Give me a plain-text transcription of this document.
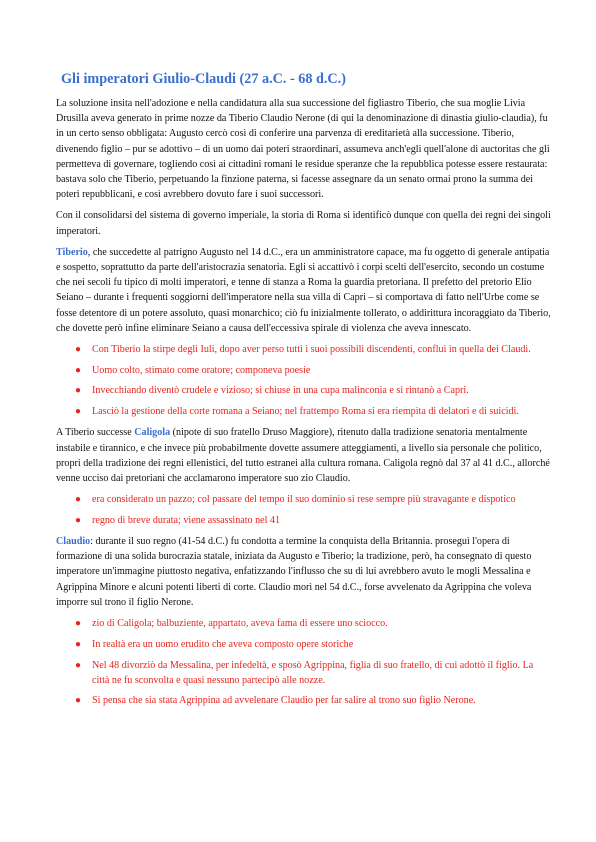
Gli imperatori Giulio-Claudi (27 a.C. - 68 d.C.)

La soluzione insita nell'adozione e nella candidatura alla sua successione del figliastro Tiberio, che sua moglie Livia Drusilla aveva generato in prime nozze da Tiberio Claudio Nerone (di qui la denominazione di dinastia giulio-claudia), fu in un certo senso obbligata: Augusto cercò così di conferire una parvenza di ereditarietà alla successione. Tiberio, divenendo figlio – pur se adottivo – di un uomo dai poteri straordinari, assumeva anch'egli quell'alone di auctoritas che gli permetteva di governare, togliendo così ai cittadini romani le residue speranze che la repubblica potesse essere restaurata: bastava solo che Tiberio, perpetuando la finzione paterna, si facesse assegnare da un senato ormai prono la summa dei poteri repubblicani, e così avrebbero dovuto fare i suoi successori.

Con il consolidarsi del sistema di governo imperiale, la storia di Roma si identificò dunque con quella dei regni dei singoli imperatori.

Tiberio, che succedette al patrigno Augusto nel 14 d.C., era un amministratore capace, ma fu oggetto di generale antipatia e sospetto, soprattutto da parte dell'aristocrazia senatoria. Egli si accattivò i corpi scelti dell'esercito, secondo un costume che nei secoli fu tipico di molti imperatori, e tenne di stanza a Roma la guardia pretoriana. Il prefetto del pretorio Elio Seiano – durante i frequenti soggiorni dell'imperatore nella sua villa di Capri – si comportava di fatto nell'Urbe come se fosse detentore di un potere assoluto, quasi monarchico; ciò fu inizialmente tollerato, o addirittura incoraggiato da Tiberio, che dovette però infine eliminare Seiano a causa dell'eccessiva spirale di violenza che aveva innescato.

● Con Tiberio la stirpe degli Iuli, dopo aver perso tutti i suoi possibili discendenti, confluì in quella dei Claudi.
● Uomo colto, stimato come oratore; componeva poesie
● Invecchiando diventò crudele e vizioso; si chiuse in una cupa malinconia e si rintanò a Capri.
● Lasciò la gestione della corte romana a Seiano; nel frattempo Roma si era riempita di delatori e di suicidi.

A Tiberio successe Caligola (nipote di suo fratello Druso Maggiore), ritenuto dalla tradizione senatoria mentalmente instabile e tirannico, e che invece più probabilmente dovette assumere atteggiamenti, a livello sia personale che politico, propri della tradizione dei regni ellenistici, del tutto estranei alla cultura romana. Caligola regnò dal 37 al 41 d.C., allorché venne ucciso dai pretoriani che acclamarono imperatore suo zio Claudio.

● era considerato un pazzo; col passare del tempo il suo dominio si rese sempre più stravagante e dispotico
● regno di breve durata; viene assassinato nel 41

Claudio: durante il suo regno (41-54 d.C.) fu condotta a termine la conquista della Britannia. proseguì l'opera di formazione di una solida burocrazia statale, iniziata da Augusto e Tiberio; la tradizione, però, ha consegnato di questo imperatore un'immagine piuttosto negativa, enfatizzando l'influsso che su di lui avrebbero avuto le mogli Messalina e Agrippina Minore e alcuni potenti liberti di corte. Claudio morì nel 54 d.C., forse avvelenato da Agrippina che voleva imporre sul trono il figlio Nerone.

● zio di Caligola; balbuziente, appartato, aveva fama di essere uno sciocco.
● In realtà era un uomo erudito che aveva composto opere storiche
● Nel 48 divorziò da Messalina, per infedeltà, e sposò Agrippina, figlia di suo fratello, di cui adottò il figlio. La città ne fu sconvolta e quasi nessuno partecipò alle nozze.
● Si pensa che sia stata Agrippina ad avvelenare Claudio per far salire al trono suo figlio Nerone.
